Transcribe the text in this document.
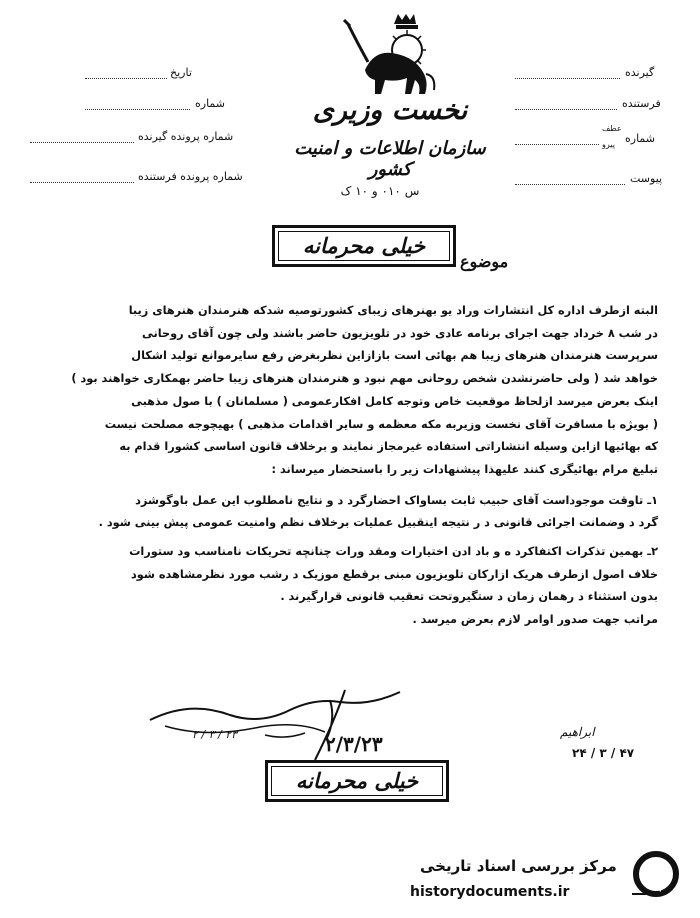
تاریخ
شماره
شماره پرونده گیرنده
شماره پرونده فرستنده
گیرنده
فرستنده
شماره
عطف
پیرو
پیوست
نخست وزیری
سازمان اطلاعات و امنیت کشور
س ۰۱۰ و ۱۰ ک
خیلی محرمانه
موضوع
البته ازطرف اداره کل انتشارات وراد یو بهنرهای زیبای کشورتوصیه شدکه هنرمندان هنرهای زیبا
در شب ۸ خرداد جهت اجرای برنامه عادی خود در تلویزیون حاضر باشند ولی چون آقای روحانی
سرپرست هنرمندان هنرهای زیبا هم بهائی است بازازاین نظربغرض رفع سایرموانع تولید اشکال
خواهد شد ( ولی حاضرنشدن شخص روحانی مهم نبود و هنرمندان هنرهای زیبا حاضر بهمکاری خواهند بود )
اینک بعرض میرسد ازلحاظ موقعیت خاص وتوجه کامل افکارعمومی ( مسلمانان ) با صول مذهبی
( بویژه با مسافرت آقای نخست وزیربه مکه معظمه و سایر اقدامات مذهبی ) بهیچوجه مصلحت نیست
که بهائیها ازاین وسیله انتشاراتی استفاده غیرمجاز نمایند و برخلاف قانون اساسی کشورا قدام به
تبلیغ مرام بهائیگری کنند علیهذا پیشنهادات زیر را باستحضار میرساند :
۱ـ تاوقت موجوداست آقای حبیب ثابت بساواک احضارگرد د و نتایج نامطلوب این عمل باوگوشزد
گرد د وضمانت اجرائی قانونی د ر نتیجه اینقبیل عملیات برخلاف نظم وامنیت عمومی پیش بینی شود .
۲ـ بهمین تذکرات اکتفاکرد ه و باد ادن اختیارات ومقد ورات چنانچه تحریکات نامناسب ود ستورات
خلاف اصول ازطرف هریک ازارکان تلویزیون مبنی برقطع موزیک د رشب مورد نظرمشاهده شود
بدون استثناء د رهمان زمان د ستگیروتحت تعقیب قانونی قرارگیرند .
مراتب جهت صدور اوامر لازم بعرض میرسد .
۲/۳/۲۳
۲ / ۳ / ۲۳	ابراهیم
۲۴ / ۳ / ۴۷
خیلی محرمانه
مرکز بررسی اسناد تاریخی
historydocuments.ir
